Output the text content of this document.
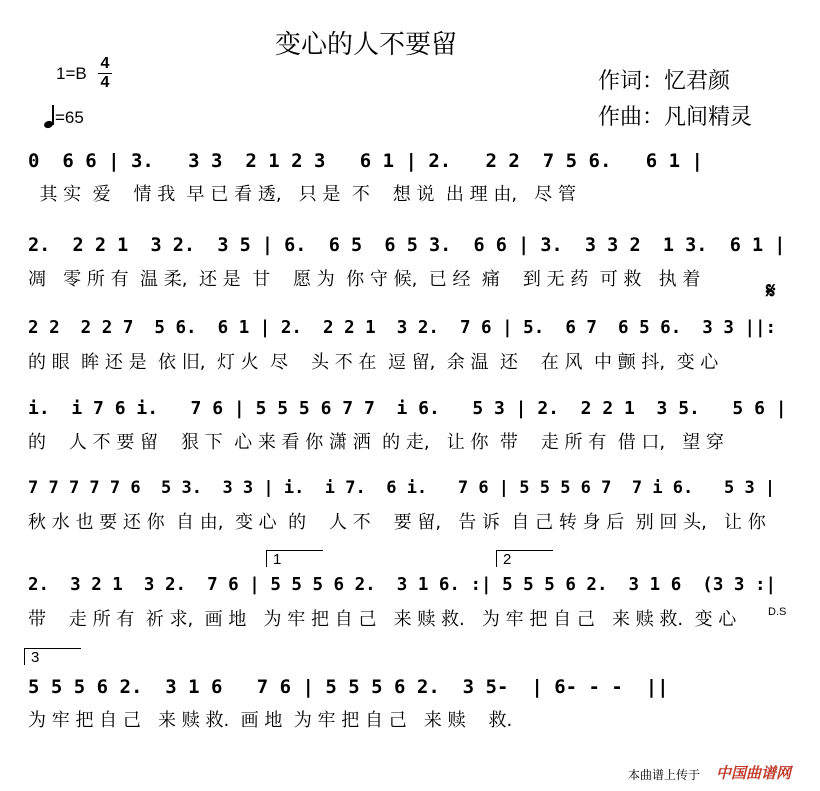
变心的人不要留
1=B
4
4
=65
作词：忆君颜
作曲：凡间精灵
0  6 6 | 3.   3 3  2 1 2 3   6 1 | 2.   2 2  7 5 6.   6 1 |
其 实  爱    情 我  早 已 看 透,   只 是  不    想 说  出 理 由,   尽 管
2.  2 2 1  3 2.  3 5 | 6.  6 5  6 5 3.  6 6 | 3.  3 3 2  1 3.  6 1 |
凋   零 所 有  温 柔,  还 是  甘    愿 为  你 守 候,  已 经  痛    到 无 药  可 救   执 着	𝄋
2 2  2 2 7  5 6.  6 1 | 2.  2 2 1  3 2.  7 6 | 5.  6 7  6 5 6.  3 3 ||:
的 眼  眸 还 是  依 旧,  灯 火  尽    头 不 在  逗 留,  余 温  还    在 风  中 颤 抖,  变 心
i.  i 7 6 i.   7 6 | 5 5 5 6 7 7  i 6.   5 3 | 2.  2 2 1  3 5.   5 6 |
的    人 不 要 留    狠 下  心 来 看 你 潇 洒  的 走,   让 你  带    走 所 有  借 口,   望 穿
7 7 7 7 7 6  5 3.  3 3 | i.  i 7.  6 i.   7 6 | 5 5 5 6 7  7 i 6.   5 3 |
秋 水 也 要 还 你  自 由,  变 心  的    人 不    要 留,   告 诉  自 己 转 身 后  别 回 头,   让 你
1	2
2.  3 2 1  3 2.  7 6 | 5 5 5 6 2.  3 1 6. :| 5 5 5 6 2.  3 1 6  (3 3 :|
带    走 所 有  祈 求,  画 地   为 牢 把 自 己   来 赎 救.   为 牢 把 自 己   来 赎 救.  变 心	D.S
3
5 5 5 6 2.  3 1 6   7 6 | 5 5 5 6 2.  3 5-  | 6- - -  ||
为 牢 把 自 己   来 赎 救.  画 地  为 牢 把 自 己   来 赎    救.
本曲谱上传于 中国曲谱网
